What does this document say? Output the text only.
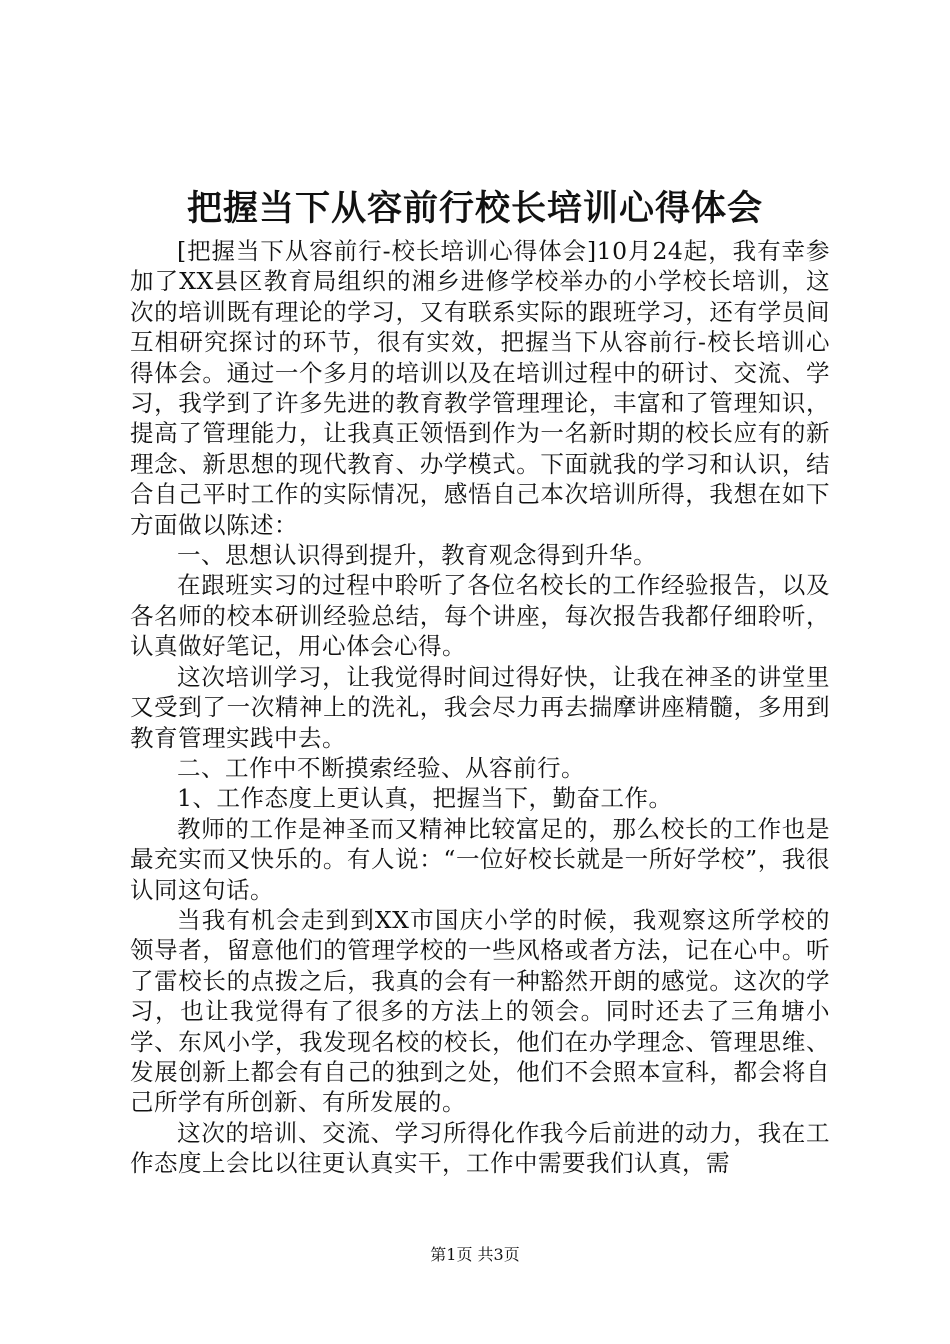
把握当下从容前行校长培训心得体会

[把握当下从容前行-校长培训心得体会]10月24起，我有幸参加了XX县区教育局组织的湘乡进修学校举办的小学校长培训，这次的培训既有理论的学习，又有联系实际的跟班学习，还有学员间互相研究探讨的环节，很有实效，把握当下从容前行-校长培训心得体会。通过一个多月的培训以及在培训过程中的研讨、交流、学习，我学到了许多先进的教育教学管理理论，丰富和了管理知识，提高了管理能力，让我真正领悟到作为一名新时期的校长应有的新理念、新思想的现代教育、办学模式。下面就我的学习和认识，结合自己平时工作的实际情况，感悟自己本次培训所得，我想在如下方面做以陈述：

一、思想认识得到提升，教育观念得到升华。

在跟班实习的过程中聆听了各位名校长的工作经验报告，以及各名师的校本研训经验总结，每个讲座，每次报告我都仔细聆听，认真做好笔记，用心体会心得。

这次培训学习，让我觉得时间过得好快，让我在神圣的讲堂里又受到了一次精神上的洗礼，我会尽力再去揣摩讲座精髓，多用到教育管理实践中去。

二、工作中不断摸索经验、从容前行。

1、工作态度上更认真，把握当下，勤奋工作。

教师的工作是神圣而又精神比较富足的，那么校长的工作也是最充实而又快乐的。有人说：“一位好校长就是一所好学校”，我很认同这句话。

当我有机会走到到XX市国庆小学的时候，我观察这所学校的领导者，留意他们的管理学校的一些风格或者方法，记在心中。听了雷校长的点拨之后，我真的会有一种豁然开朗的感觉。这次的学习，也让我觉得有了很多的方法上的领会。同时还去了三角塘小学、东风小学，我发现名校的校长，他们在办学理念、管理思维、发展创新上都会有自己的独到之处，他们不会照本宣科，都会将自己所学有所创新、有所发展的。

这次的培训、交流、学习所得化作我今后前进的动力，我在工作态度上会比以往更认真实干，工作中需要我们认真，需

第1页 共3页
